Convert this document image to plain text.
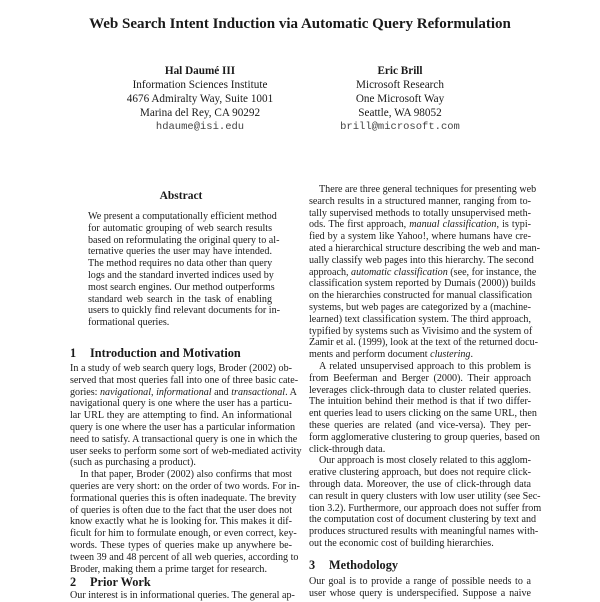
Web Search Intent Induction via Automatic Query Reformulation
Hal Daumé III
Information Sciences Institute
4676 Admiralty Way, Suite 1001
Marina del Rey, CA 90292
hdaume@isi.edu
Eric Brill
Microsoft Research
One Microsoft Way
Seattle, WA 98052
brill@microsoft.com
Abstract
We present a computationally efficient method
for automatic grouping of web search results
based on reformulating the original query to al-
ternative queries the user may have intended.
The method requires no data other than query
logs and the standard inverted indices used by
most search engines. Our method outperforms
standard web search in the task of enabling
users to quickly find relevant documents for in-
formational queries.
1 Introduction and Motivation
In a study of web search query logs, Broder (2002) ob-
served that most queries fall into one of three basic cate-
gories: navigational, informational and transactional. A
navigational query is one where the user has a particu-
lar URL they are attempting to find. An informational
query is one where the user has a particular information
need to satisfy. A transactional query is one in which the
user seeks to perform some sort of web-mediated activity
(such as purchasing a product).
In that paper, Broder (2002) also confirms that most
queries are very short: on the order of two words. For in-
formational queries this is often inadequate. The brevity
of queries is often due to the fact that the user does not
know exactly what he is looking for. This makes it dif-
ficult for him to formulate enough, or even correct, key-
words. These types of queries make up anywhere be-
tween 39 and 48 percent of all web queries, according to
Broder, making them a prime target for research.
2 Prior Work
Our interest is in informational queries. The general ap-
There are three general techniques for presenting web
search results in a structured manner, ranging from to-
tally supervised methods to totally unsupervised meth-
ods. The first approach, manual classification, is typi-
fied by a system like Yahoo!, where humans have cre-
ated a hierarchical structure describing the web and man-
ually classify web pages into this hierarchy. The second
approach, automatic classification (see, for instance, the
classification system reported by Dumais (2000)) builds
on the hierarchies constructed for manual classification
systems, but web pages are categorized by a (machine-
learned) text classification system. The third approach,
typified by systems such as Vivisimo and the system of
Zamir et al. (1999), look at the text of the returned docu-
ments and perform document clustering.
A related unsupervised approach to this problem is
from Beeferman and Berger (2000). Their approach
leverages click-through data to cluster related queries.
The intuition behind their method is that if two differ-
ent queries lead to users clicking on the same URL, then
these queries are related (and vice-versa). They per-
form agglomerative clustering to group queries, based on
click-through data.
Our approach is most closely related to this agglom-
erative clustering approach, but does not require click-
through data. Moreover, the use of click-through data
can result in query clusters with low user utility (see Sec-
tion 3.2). Furthermore, our approach does not suffer from
the computation cost of document clustering by text and
produces structured results with meaningful names with-
out the economic cost of building hierarchies.
3 Methodology
Our goal is to provide a range of possible needs to a
user whose query is underspecified. Suppose a naive
